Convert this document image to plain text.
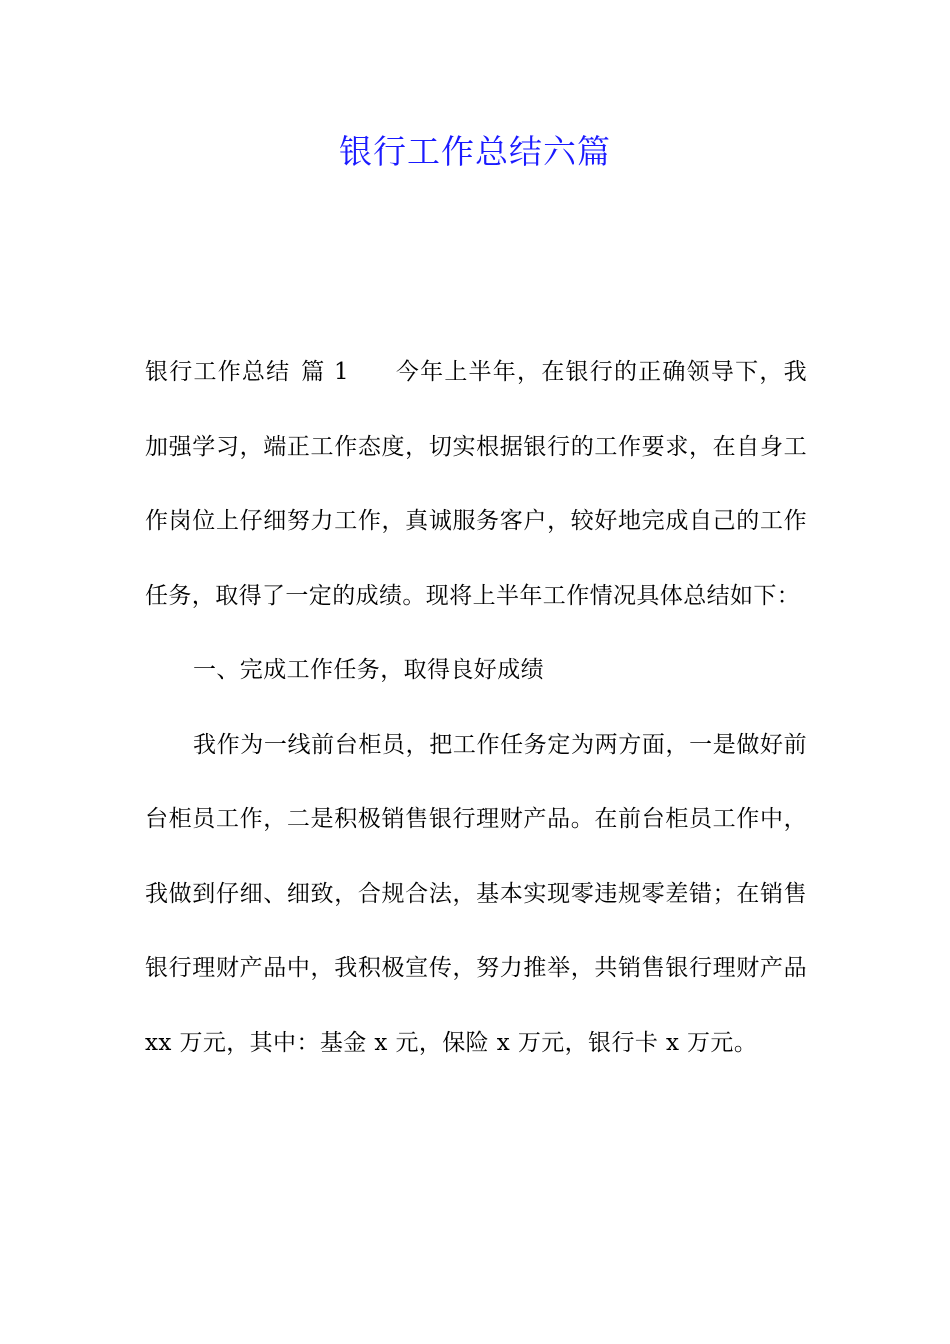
银行工作总结六篇

银行工作总结 篇 1 今年上半年，在银行的正确领导下，我加强学习，端正工作态度，切实根据银行的工作要求，在自身工作岗位上仔细努力工作，真诚服务客户，较好地完成自己的工作任务，取得了一定的成绩。现将上半年工作情况具体总结如下：

一、完成工作任务，取得良好成绩

我作为一线前台柜员，把工作任务定为两方面，一是做好前台柜员工作，二是积极销售银行理财产品。在前台柜员工作中，我做到仔细、细致，合规合法，基本实现零违规零差错；在销售银行理财产品中，我积极宣传，努力推举，共销售银行理财产品 xx 万元，其中：基金 x 元，保险 x 万元，银行卡 x 万元。
